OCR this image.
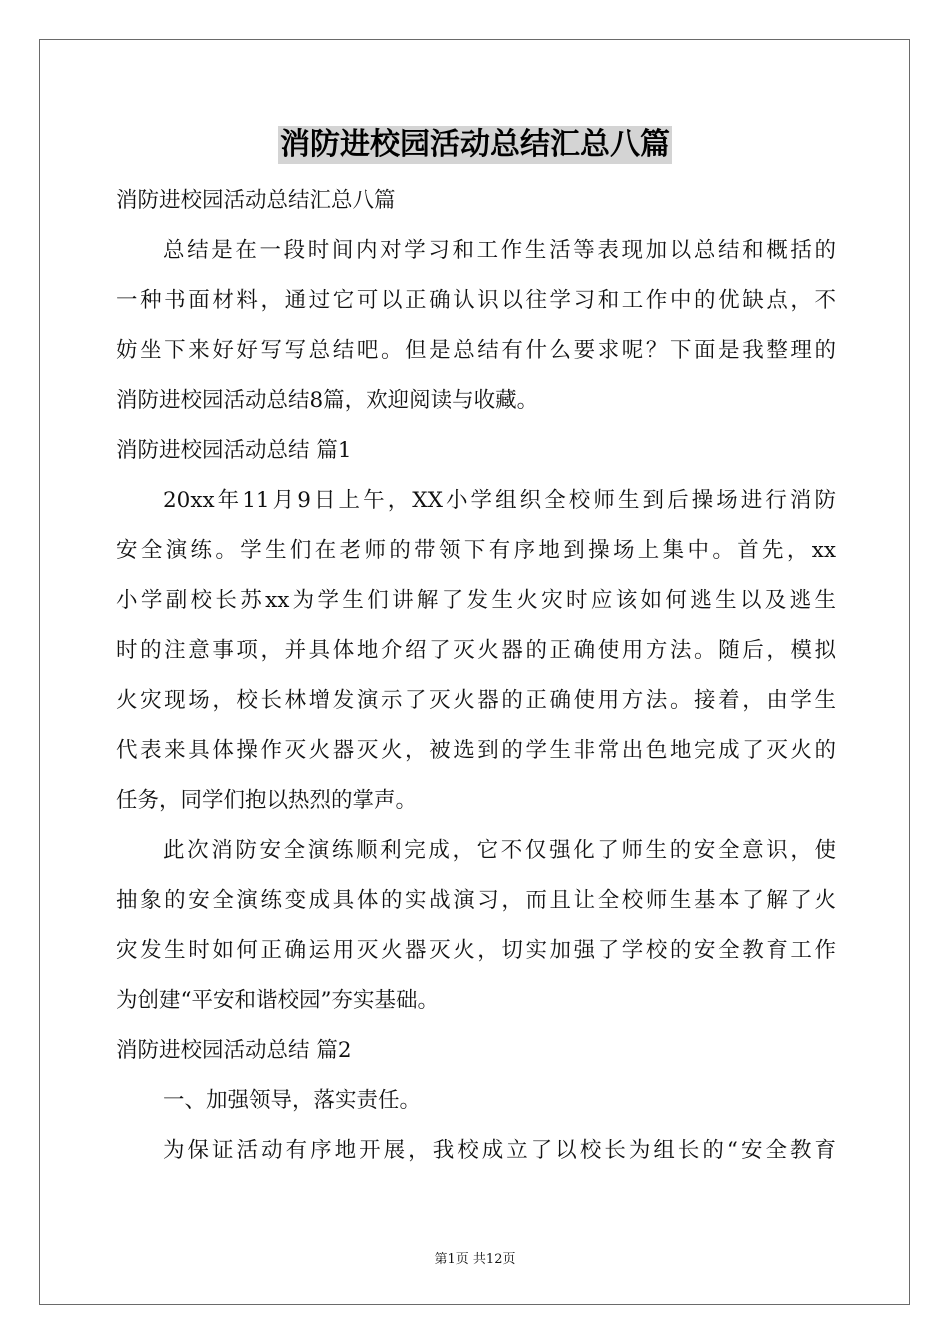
消防进校园活动总结汇总八篇
消防进校园活动总结汇总八篇
总结是在一段时间内对学习和工作生活等表现加以总结和概括的
一种书面材料，通过它可以正确认识以往学习和工作中的优缺点，不
妨坐下来好好写写总结吧。但是总结有什么要求呢？下面是我整理的
消防进校园活动总结8篇，欢迎阅读与收藏。
消防进校园活动总结 篇1
20xx年11月9日上午，XX小学组织全校师生到后操场进行消防
安全演练。学生们在老师的带领下有序地到操场上集中。首先，xx
小学副校长苏xx为学生们讲解了发生火灾时应该如何逃生以及逃生
时的注意事项，并具体地介绍了灭火器的正确使用方法。随后，模拟
火灾现场，校长林增发演示了灭火器的正确使用方法。接着，由学生
代表来具体操作灭火器灭火，被选到的学生非常出色地完成了灭火的
任务，同学们抱以热烈的掌声。
此次消防安全演练顺利完成，它不仅强化了师生的安全意识，使
抽象的安全演练变成具体的实战演习，而且让全校师生基本了解了火
灾发生时如何正确运用灭火器灭火，切实加强了学校的安全教育工作
为创建“平安和谐校园”夯实基础。
消防进校园活动总结 篇2
一、加强领导，落实责任。
为保证活动有序地开展，我校成立了以校长为组长的“安全教育
第1页 共12页
